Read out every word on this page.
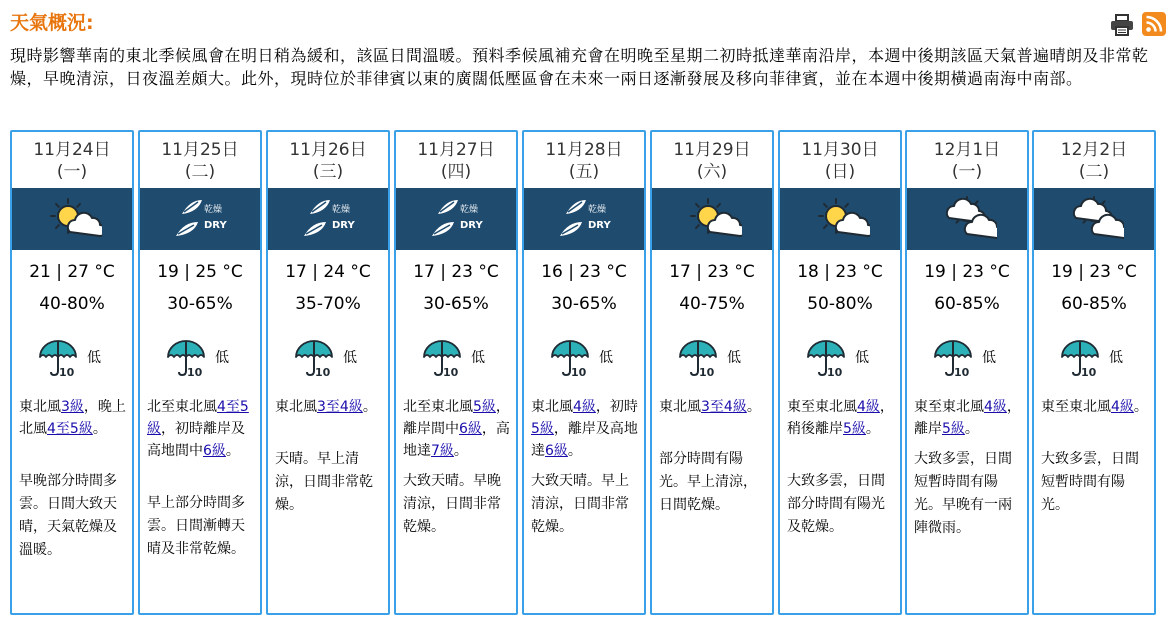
天氣概況:
現時影響華南的東北季候風會在明日稍為緩和，該區日間溫暖。預料季候風補充會在明晚至星期二初時抵達華南沿岸，本週中後期該區天氣普遍晴朗及非常乾燥，早晚清涼，日夜溫差頗大。此外，現時位於菲律賓以東的廣闊低壓區會在未來一兩日逐漸發展及移向菲律賓，並在本週中後期橫過南海中南部。
11月24日
(一)
21 | 27 °C
40-80%
10
低
東北風3級，晚上北風4至5級。
早晚部分時間多雲。日間大致天晴，天氣乾燥及溫暖。
11月25日
(二)
乾燥
DRY
19 | 25 °C
30-65%
10
低
北至東北風4至5級，初時離岸及高地間中6級。
早上部分時間多雲。日間漸轉天晴及非常乾燥。
11月26日
(三)
乾燥
DRY
17 | 24 °C
35-70%
10
低
東北風3至4級。
天晴。早上清涼，日間非常乾燥。
11月27日
(四)
乾燥
DRY
17 | 23 °C
30-65%
10
低
北至東北風5級，離岸間中6級，高地達7級。
大致天晴。早晚清涼，日間非常乾燥。
11月28日
(五)
乾燥
DRY
16 | 23 °C
30-65%
10
低
東北風4級，初時5級，離岸及高地達6級。
大致天晴。早上清涼，日間非常乾燥。
11月29日
(六)
17 | 23 °C
40-75%
10
低
東北風3至4級。
部分時間有陽光。早上清涼，日間乾燥。
11月30日
(日)
18 | 23 °C
50-80%
10
低
東至東北風4級，稍後離岸5級。
大致多雲，日間部分時間有陽光及乾燥。
12月1日
(一)
19 | 23 °C
60-85%
10
低
東至東北風4級，離岸5級。
大致多雲，日間短暫時間有陽光。早晚有一兩陣微雨。
12月2日
(二)
19 | 23 °C
60-85%
10
低
東至東北風4級。
大致多雲，日間短暫時間有陽光。
